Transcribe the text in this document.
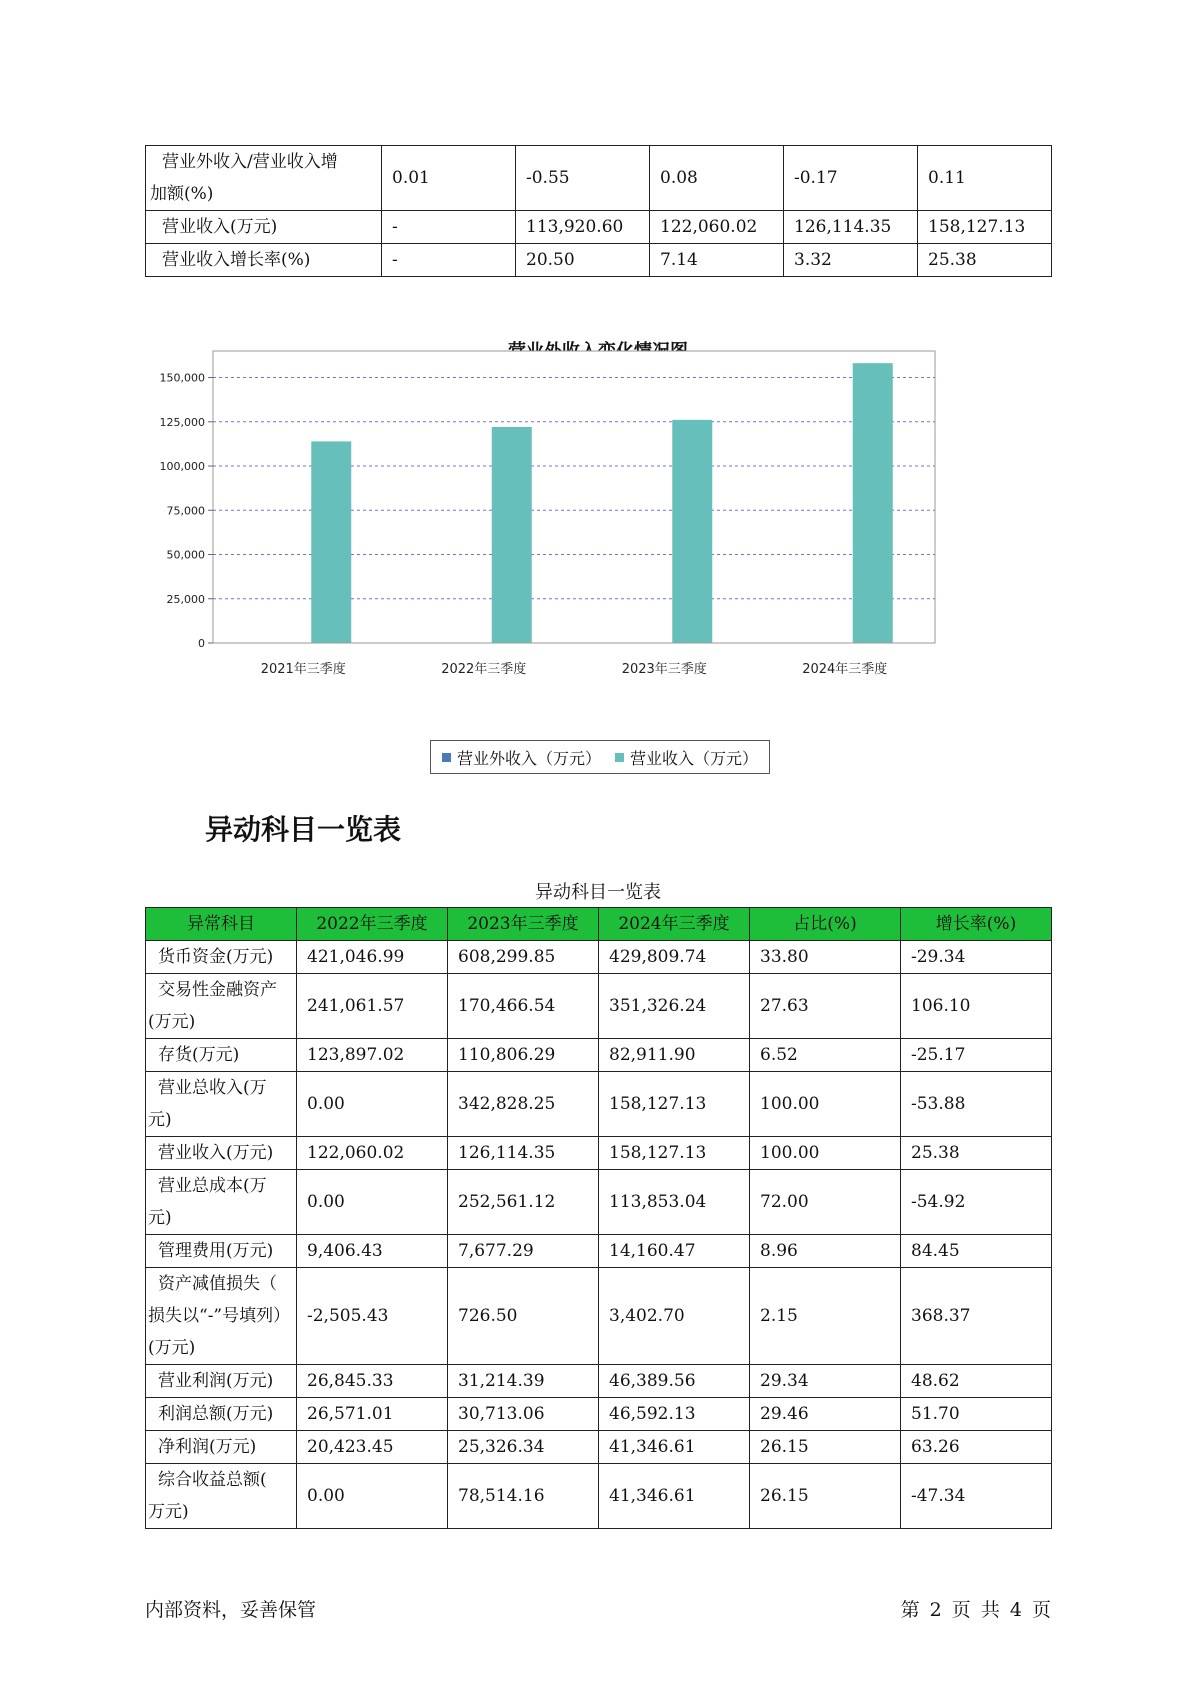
营业外收入/营业收入增
加额(%)	0.01	-0.55	0.08	-0.17	0.11

营业收入(万元)	-	113,920.60	122,060.02	126,114.35	158,127.13

营业收入增长率(%)	-	20.50	7.14	3.32	25.38
0
25,000
50,000
75,000
100,000
125,000
150,000
2021年三季度	2022年三季度	2023年三季度	2024年三季度
营业外收入（万元） 营业收入（万元）
异动科目一览表
异动科目一览表
异常科目	2022年三季度	2023年三季度	2024年三季度	占比(%)	增长率(%)

货币资金(万元)	421,046.99	608,299.85	429,809.74	33.80	-29.34

交易性金融资产
(万元)	241,061.57	170,466.54	351,326.24	27.63	106.10

存货(万元)	123,897.02	110,806.29	82,911.90	6.52	-25.17

营业总收入(万
元)	0.00	342,828.25	158,127.13	100.00	-53.88

营业收入(万元)	122,060.02	126,114.35	158,127.13	100.00	25.38

营业总成本(万
元)	0.00	252,561.12	113,853.04	72.00	-54.92

管理费用(万元)	9,406.43	7,677.29	14,160.47	8.96	84.45

资产减值损失（
损失以“-”号填列）
(万元)	-2,505.43	726.50	3,402.70	2.15	368.37

营业利润(万元)	26,845.33	31,214.39	46,389.56	29.34	48.62

利润总额(万元)	26,571.01	30,713.06	46,592.13	29.46	51.70

净利润(万元)	20,423.45	25,326.34	41,346.61	26.15	63.26

综合收益总额(
万元)	0.00	78,514.16	41,346.61	26.15	-47.34
内部资料，妥善保管	第 2 页 共 4 页
